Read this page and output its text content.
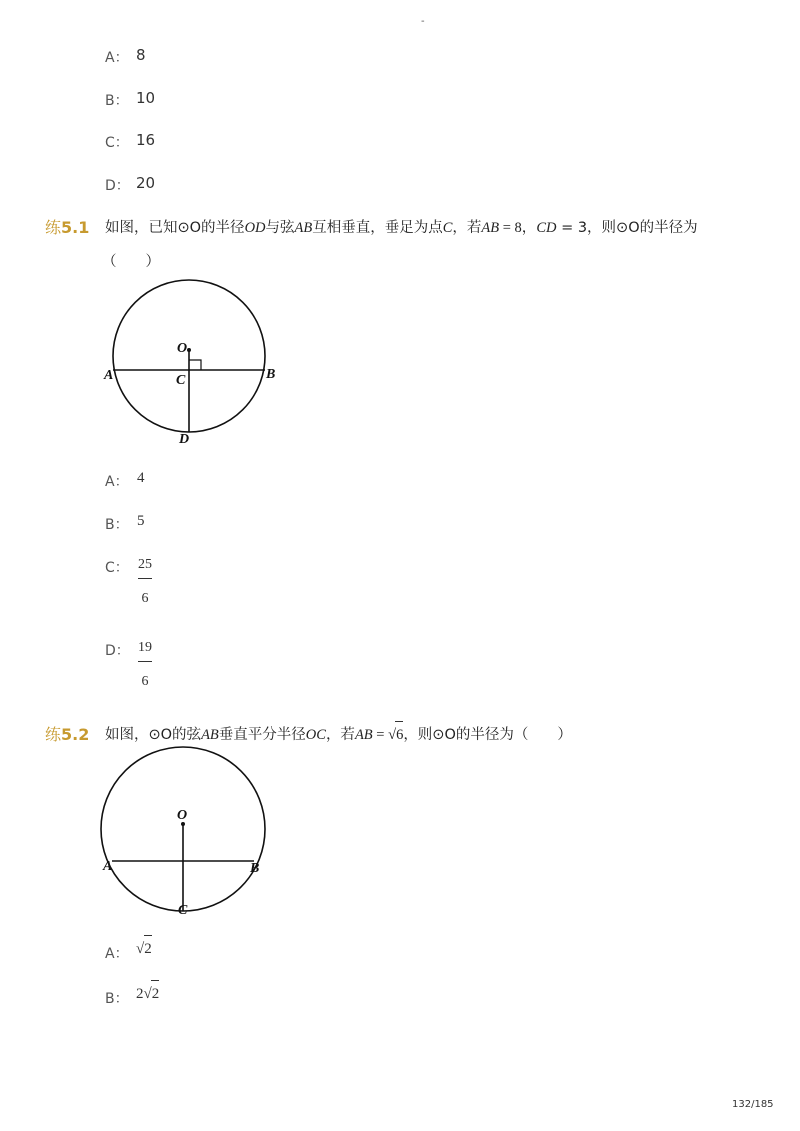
-
A： 8
B： 10
C： 16
D： 20
练5.1 如图，已知⊙O的半径OD与弦AB互相垂直，垂足为点C，若AB = 8，CD = 3，则⊙O的半径为
（　　）
O
A	B
C
D
A： 4
B： 5
C： 25
6
D： 19
6
练5.2 如图，⊙O的弦AB垂直平分半径OC，若AB = √6
，则⊙O的半径为（　　）
O
A	B
C
A： √2
B： 2√2
132/185
